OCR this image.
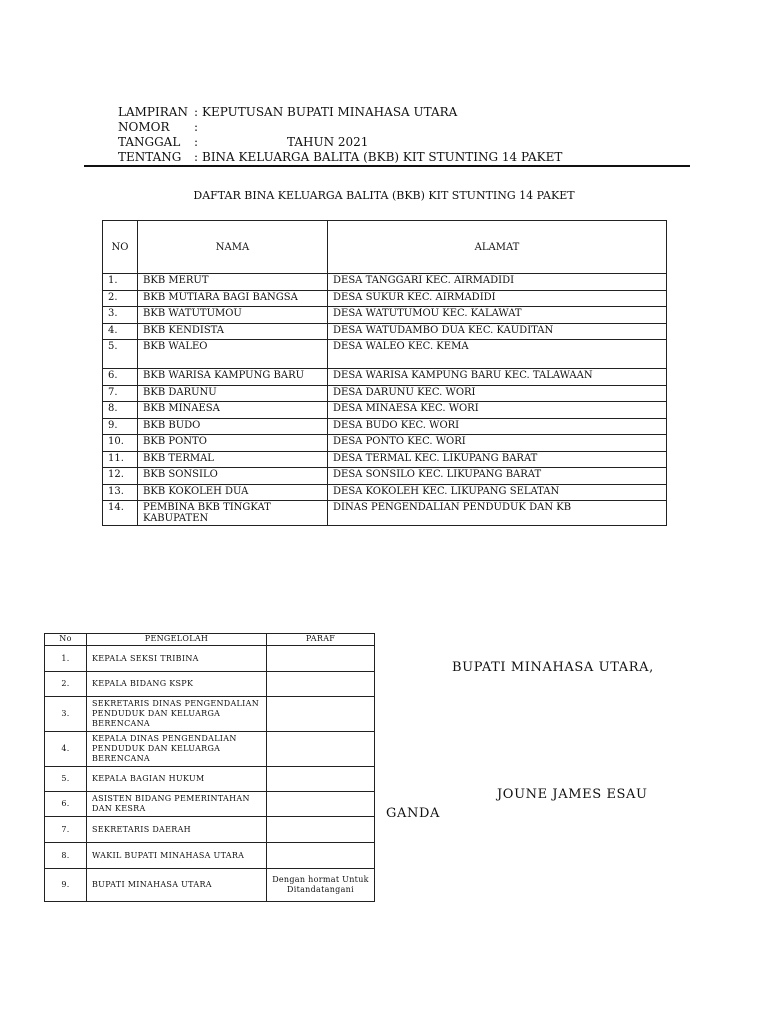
LAMPIRAN : KEPUTUSAN BUPATI MINAHASA UTARA
NOMOR	:
TANGGAL	:	TAHUN 2021
TENTANG	: BINA KELUARGA BALITA (BKB) KIT STUNTING 14 PAKET
DAFTAR BINA KELUARGA BALITA (BKB) KIT STUNTING 14 PAKET
NO	NAMA	ALAMAT
1.	BKB MERUT	DESA TANGGARI KEC. AIRMADIDI
2.	BKB MUTIARA BAGI BANGSA	DESA SUKUR KEC. AIRMADIDI
3.	BKB WATUTUMOU	DESA WATUTUMOU KEC. KALAWAT
4.	BKB KENDISTA	DESA WATUDAMBO DUA KEC. KAUDITAN
5.	BKB WALEO	DESA WALEO KEC. KEMA
6.	BKB WARISA KAMPUNG BARU	DESA WARISA KAMPUNG BARU KEC. TALAWAAN
7.	BKB DARUNU	DESA DARUNU KEC. WORI
8.	BKB MINAESA	DESA MINAESA KEC. WORI
9.	BKB BUDO	DESA BUDO KEC. WORI
10.	BKB PONTO	DESA PONTO KEC. WORI
11.	BKB TERMAL	DESA TERMAL KEC. LIKUPANG BARAT
12.	BKB SONSILO	DESA SONSILO KEC. LIKUPANG BARAT
13.	BKB KOKOLEH DUA	DESA KOKOLEH KEC. LIKUPANG SELATAN
14.	PEMBINA BKB TINGKAT KABUPATEN	DINAS PENGENDALIAN PENDUDUK DAN KB
No	PENGELOLAH	PARAF
1.	KEPALA SEKSI TRIBINA	
2.	KEPALA BIDANG KSPK	
3.	SEKRETARIS DINAS PENGENDALIAN PENDUDUK DAN KELUARGA BERENCANA	
4.	KEPALA DINAS PENGENDALIAN PENDUDUK DAN KELUARGA BERENCANA	
5.	KEPALA BAGIAN HUKUM	
6.	ASISTEN BIDANG PEMERINTAHAN DAN KESRA	
7.	SEKRETARIS DAERAH	
8.	WAKIL BUPATI MINAHASA UTARA	
9.	BUPATI MINAHASA UTARA	Dengan hormat Untuk Ditandatangani
BUPATI MINAHASA UTARA,
JOUNE JAMES ESAU
GANDA
